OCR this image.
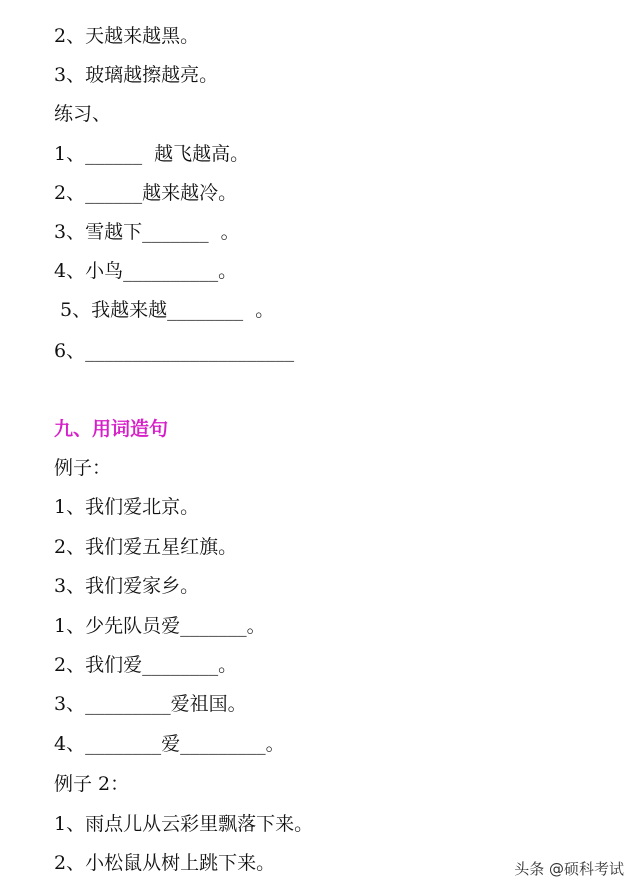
2、天越来越黑。
3、玻璃越擦越亮。
练习、
1、______  越飞越高。
2、______越来越冷。
3、雪越下_______  。
4、小鸟__________。
5、我越来越________  。
6、______________________
九、用词造句
例子：
1、我们爱北京。
2、我们爱五星红旗。
3、我们爱家乡。
1、少先队员爱_______。
2、我们爱________。
3、_________爱祖国。
4、________爱_________。
例子 2：
1、雨点儿从云彩里飘落下来。
2、小松鼠从树上跳下来。	头条 @硕科考试
